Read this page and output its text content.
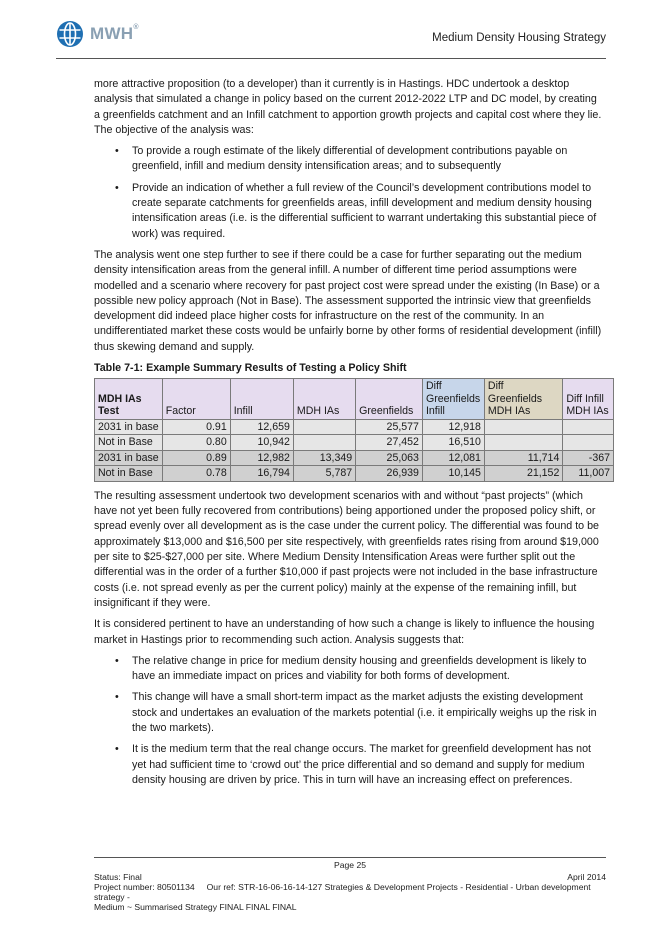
MWH®
Medium Density Housing Strategy

more attractive proposition (to a developer) than it currently is in Hastings. HDC undertook a desktop analysis that simulated a change in policy based on the current 2012-2022 LTP and DC model, by creating a greenfields catchment and an Infill catchment to apportion growth projects and capital cost where they lie. The objective of the analysis was:

•	To provide a rough estimate of the likely differential of development contributions payable on greenfield, infill and medium density intensification areas; and to subsequently
•	Provide an indication of whether a full review of the Council’s development contributions model to create separate catchments for greenfields areas, infill development and medium density housing intensification areas (i.e. is the differential sufficient to warrant undertaking this substantial piece of work) was required.

The analysis went one step further to see if there could be a case for further separating out the medium density intensification areas from the general infill. A number of different time period assumptions were modelled and a scenario where recovery for past project cost were spread under the existing (In Base) or a possible new policy approach (Not in Base). The assessment supported the intrinsic view that greenfields development did indeed place higher costs for infrastructure on the rest of the community. In an undifferentiated market these costs would be unfairly borne by other forms of residential development (infill) thus skewing demand and supply.

Table 7-1: Example Summary Results of Testing a Policy Shift
MDH IAs Test	Factor	Infill	MDH IAs	Greenfields	Diff Greenfields Infill	Diff Greenfields MDH IAs	Diff Infill MDH IAs
2031 in base	0.91	12,659		25,577	12,918		
Not in Base	0.80	10,942		27,452	16,510		
2031 in base	0.89	12,982	13,349	25,063	12,081	11,714	-367
Not in Base	0.78	16,794	5,787	26,939	10,145	21,152	11,007

The resulting assessment undertook two development scenarios with and without “past projects” (which have not yet been fully recovered from contributions) being apportioned under the proposed policy shift, or spread evenly over all development as is the case under the current policy. The differential was found to be approximately $13,000 and $16,500 per site respectively, with greenfields rates rising from around $19,000 per site to $25-$27,000 per site. Where Medium Density Intensification Areas were further split out the differential was in the order of a further $10,000 if past projects were not included in the base infrastructure costs (i.e. not spread evenly as per the current policy) mainly at the expense of the remaining infill, but insignificant if they were.

It is considered pertinent to have an understanding of how such a change is likely to influence the housing market in Hastings prior to recommending such action. Analysis suggests that:

•	The relative change in price for medium density housing and greenfields development is likely to have an immediate impact on prices and viability for both forms of development.
•	This change will have a small short-term impact as the market adjusts the existing development stock and undertakes an evaluation of the markets potential (i.e. it empirically weighs up the risk in the two markets).
•	It is the medium term that the real change occurs. The market for greenfield development has not yet had sufficient time to ‘crowd out’ the price differential and so demand and supply for medium density housing are driven by price. This in turn will have an increasing effect on preferences.
Page 25
Status: Final	April 2014
Project number: 80501134 Our ref: STR-16-06-16-14-127 Strategies & Development Projects - Residential - Urban development strategy -
Medium ~ Summarised Strategy FINAL FINAL FINAL
